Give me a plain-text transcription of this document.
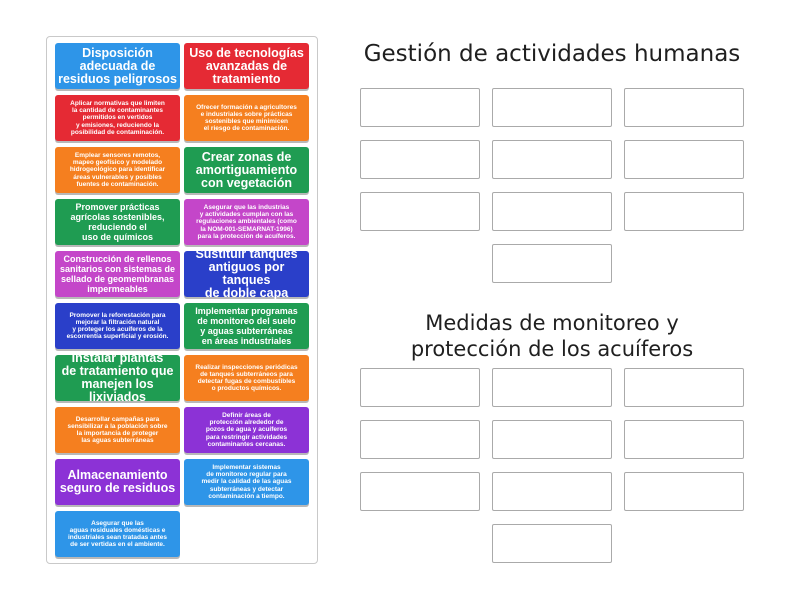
Disposición
adecuada de
residuos peligrosos
Uso de tecnologías
avanzadas de
tratamiento
Aplicar normativas que limiten
la cantidad de contaminantes
permitidos en vertidos
y emisiones, reduciendo la
posibilidad de contaminación.
Ofrecer formación a agricultores
e industriales sobre prácticas
sostenibles que minimicen
el riesgo de contaminación.
Emplear sensores remotos,
mapeo geofísico y modelado
hidrogeológico para identificar
áreas vulnerables y posibles
fuentes de contaminación.
Crear zonas de
amortiguamiento
con vegetación
Promover prácticas
agrícolas sostenibles,
reduciendo el
uso de químicos
Asegurar que las industrias
y actividades cumplan con las
regulaciones ambientales (como
la NOM-001-SEMARNAT-1996)
para la protección de acuíferos.
Construcción de rellenos
sanitarios con sistemas de
sellado de geomembranas
impermeables
Sustituir tanques
antiguos por tanques
de doble capa
Promover la reforestación para
mejorar la filtración natural
y proteger los acuíferos de la
escorrentía superficial y erosión.
Implementar programas
de monitoreo del suelo
y aguas subterráneas
en áreas industriales
Instalar plantas
de tratamiento que
manejen los lixiviados
Realizar inspecciones periódicas
de tanques subterráneos para
detectar fugas de combustibles
o productos químicos.
Desarrollar campañas para
sensibilizar a la población sobre
la importancia de proteger
las aguas subterráneas
Definir áreas de
protección alrededor de
pozos de agua y acuíferos
para restringir actividades
contaminantes cercanas.
Almacenamiento
seguro de residuos
Implementar sistemas
de monitoreo regular para
medir la calidad de las aguas
subterráneas y detectar
contaminación a tiempo.
Asegurar que las
aguas residuales domésticas e
industriales sean tratadas antes
de ser vertidas en el ambiente.
Gestión de actividades humanas
Medidas de monitoreo y
protección de los acuíferos
